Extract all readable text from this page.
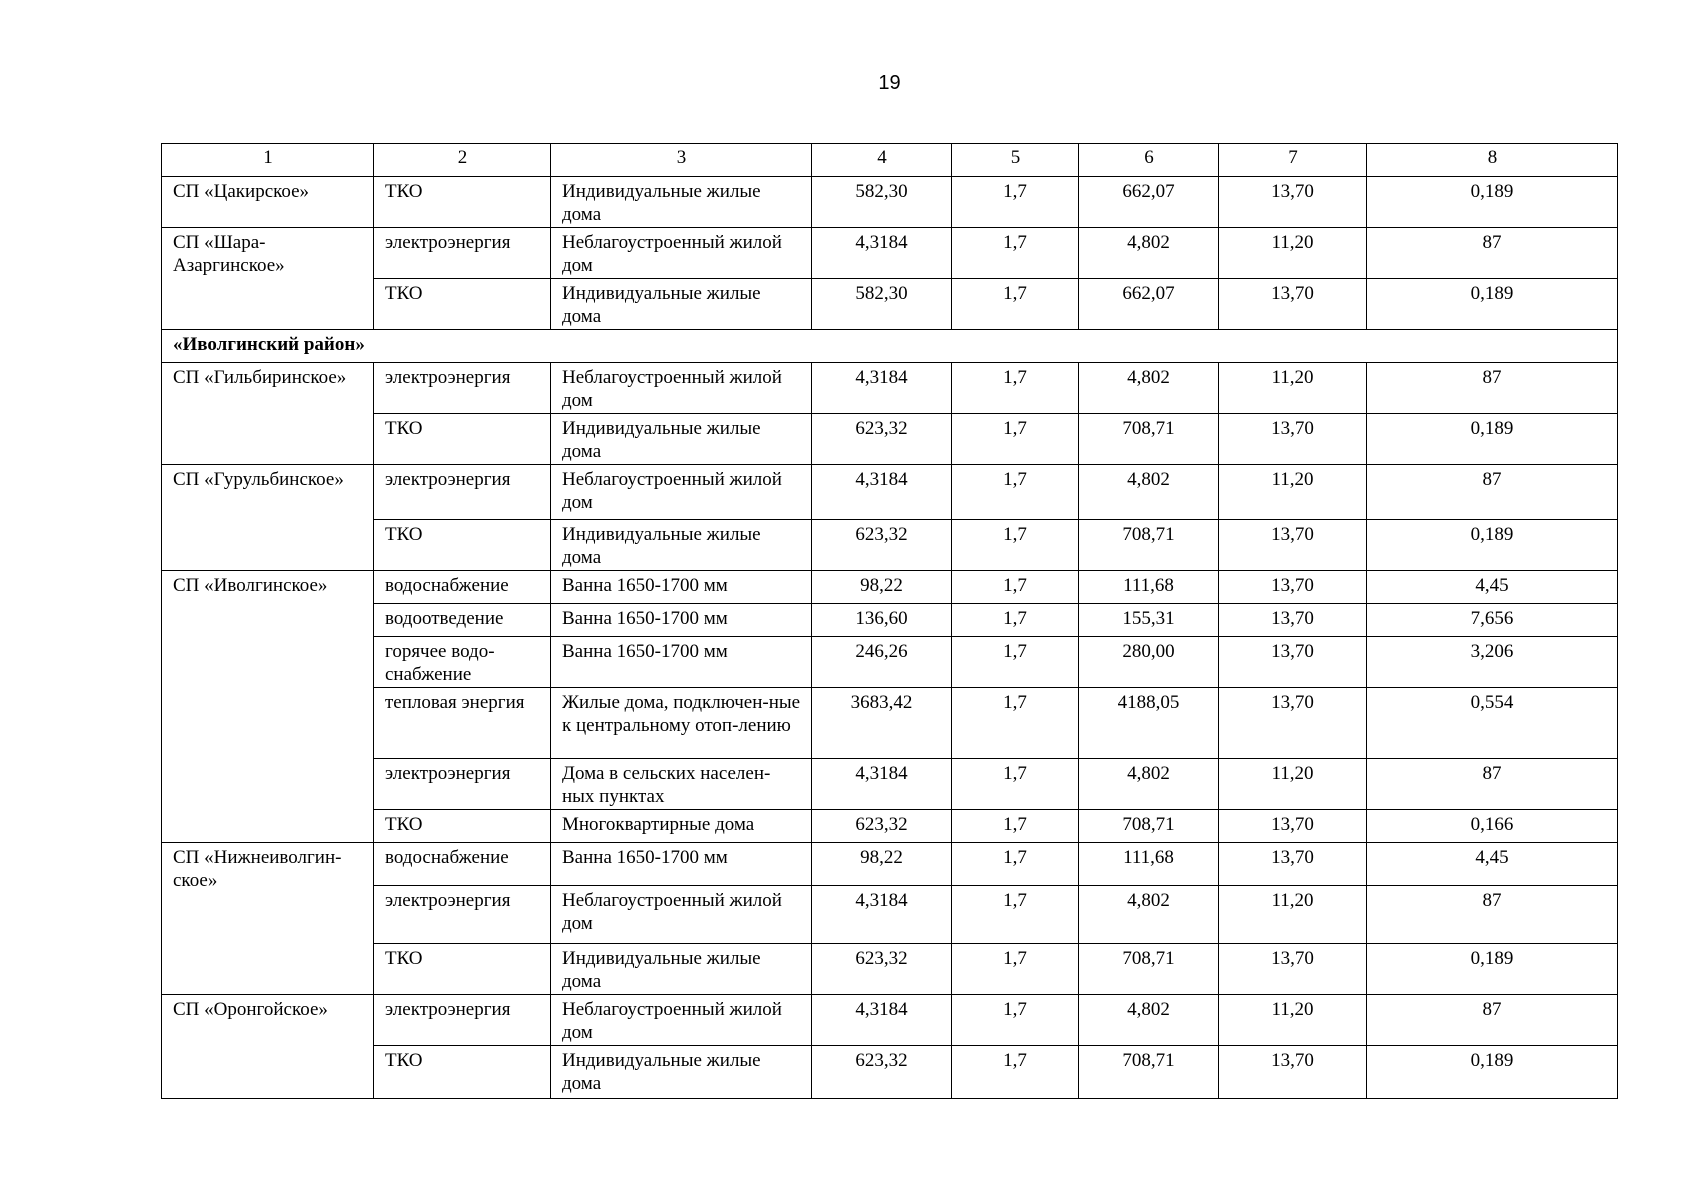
19
1	2	3	4	5	6	7	8
СП «Цакирское»	ТКО	Индивидуальные жилые дома	582,30	1,7	662,07	13,70	0,189
СП «Шара-Азаргинское»	электроэнергия	Неблагоустроенный жилой дом	4,3184	1,7	4,802	11,20	87
	ТКО	Индивидуальные жилые дома	582,30	1,7	662,07	13,70	0,189
«Иволгинский район»							
СП «Гильбиринское»	электроэнергия	Неблагоустроенный жилой дом	4,3184	1,7	4,802	11,20	87
	ТКО	Индивидуальные жилые дома	623,32	1,7	708,71	13,70	0,189
СП «Гурульбинское»	электроэнергия	Неблагоустроенный жилой дом	4,3184	1,7	4,802	11,20	87
	ТКО	Индивидуальные жилые дома	623,32	1,7	708,71	13,70	0,189
СП «Иволгинское»	водоснабжение	Ванна 1650-1700 мм	98,22	1,7	111,68	13,70	4,45
	водоотведение	Ванна 1650-1700 мм	136,60	1,7	155,31	13,70	7,656
	горячее водо-снабжение	Ванна 1650-1700 мм	246,26	1,7	280,00	13,70	3,206
	тепловая энергия	Жилые дома, подключен-ные к центральному отоп-лению	3683,42	1,7	4188,05	13,70	0,554
	электроэнергия	Дома в сельских населен-ных пунктах	4,3184	1,7	4,802	11,20	87
	ТКО	Многоквартирные дома	623,32	1,7	708,71	13,70	0,166
СП «Нижнеиволгин-ское»	водоснабжение	Ванна 1650-1700 мм	98,22	1,7	111,68	13,70	4,45
	электроэнергия	Неблагоустроенный жилой дом	4,3184	1,7	4,802	11,20	87
	ТКО	Индивидуальные жилые дома	623,32	1,7	708,71	13,70	0,189
СП «Оронгойское»	электроэнергия	Неблагоустроенный жилой дом	4,3184	1,7	4,802	11,20	87
	ТКО	Индивидуальные жилые дома	623,32	1,7	708,71	13,70	0,189
